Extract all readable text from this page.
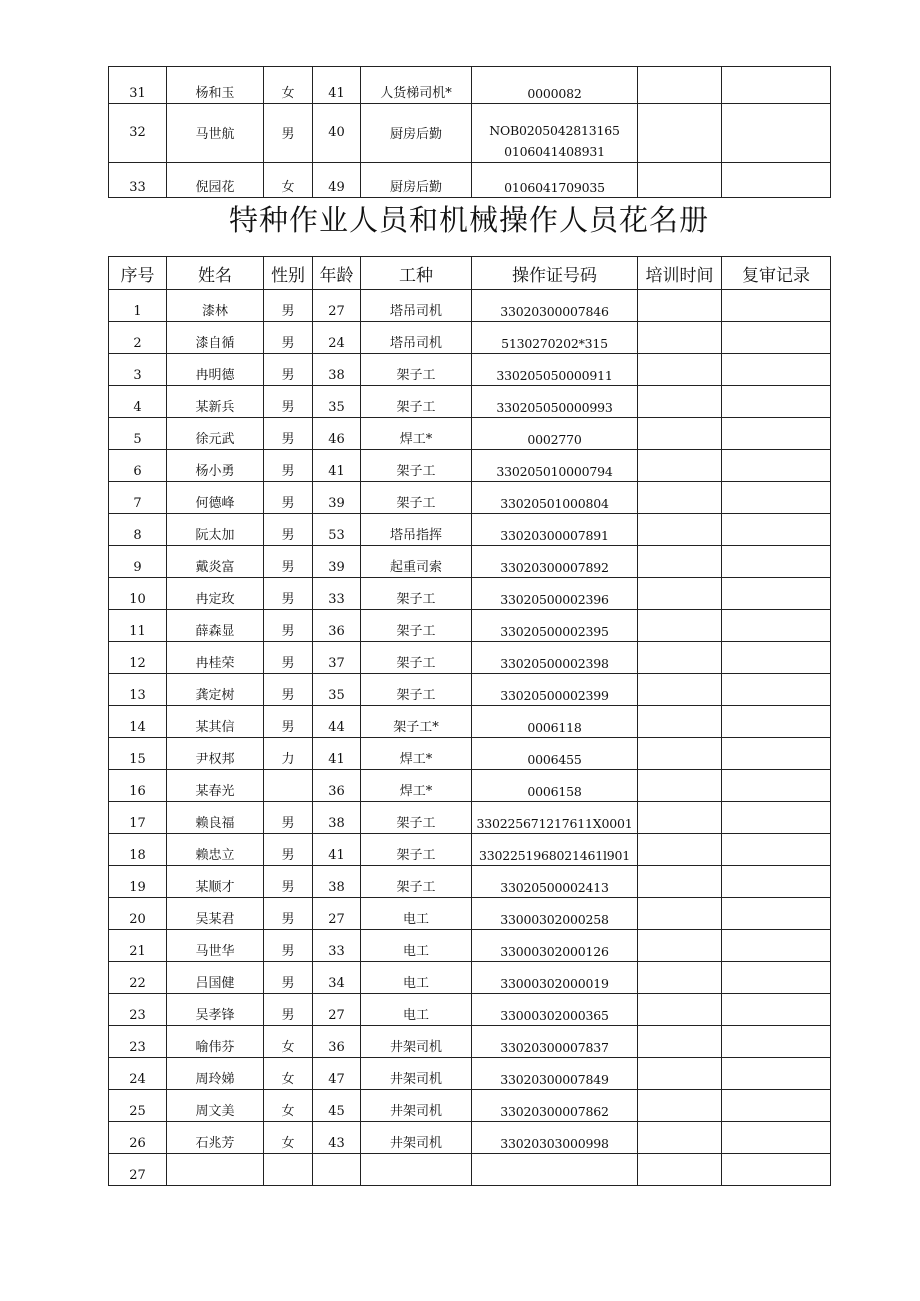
31	杨和玉	女	41	人货梯司机*	0000082		
32	马世航	男	40	厨房后勤	NOB0205042813165
0106041408931		

33	倪园花	女	49	厨房后勤	0106041709035		
特种作业人员和机械操作人员花名册
序号	姓名	性别	年龄	工种	操作证号码	培训时间	复审记录
1	漆林	男	27	塔吊司机	33020300007846		
2	漆自循	男	24	塔吊司机	5130270202*315		
3	冉明德	男	38	架子工	330205050000911		
4	某新兵	男	35	架子工	330205050000993		
5	徐元武	男	46	焊工*	0002770		
6	杨小勇	男	41	架子工	330205010000794		
7	何德峰	男	39	架子工	33020501000804		
8	阮太加	男	53	塔吊指挥	33020300007891		
9	戴炎富	男	39	起重司索	33020300007892		
10	冉定玫	男	33	架子工	33020500002396		
11	薛森显	男	36	架子工	33020500002395		
12	冉桂荣	男	37	架子工	33020500002398		
13	龚定树	男	35	架子工	33020500002399		
14	某其信	男	44	架子工*	0006118		
15	尹权邦	力	41	焊工*	0006455		
16	某春光		36	焊工*	0006158		
17	赖良福	男	38	架子工	330225671217611X0001		
18	赖忠立	男	41	架子工	3302251968021461l901		
19	某顺才	男	38	架子工	33020500002413		
20	吴某君	男	27	电工	33000302000258		
21	马世华	男	33	电工	33000302000126		
22	吕国健	男	34	电工	33000302000019		
23	吴孝锋	男	27	电工	33000302000365		
23	喻伟芬	女	36	井架司机	33020300007837		
24	周玲娣	女	47	井架司机	33020300007849		
25	周文美	女	45	井架司机	33020300007862		
26	石兆芳	女	43	井架司机	33020303000998		
27							
